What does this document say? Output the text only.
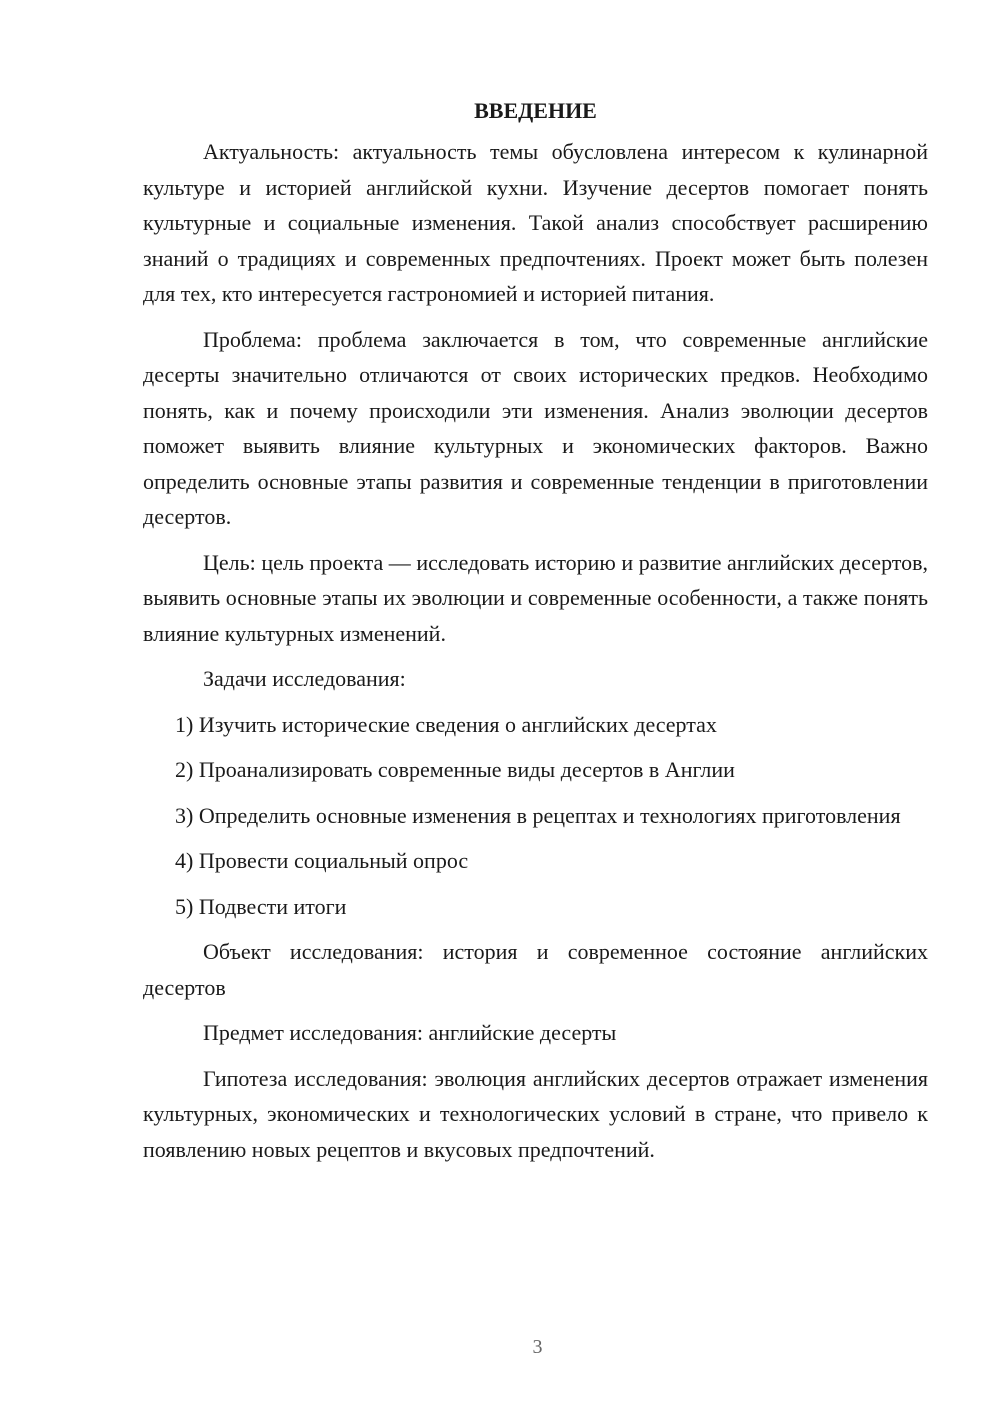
ВВЕДЕНИЕ

Актуальность: актуальность темы обусловлена интересом к кулинарной культуре и историей английской кухни. Изучение десертов помогает понять культурные и социальные изменения. Такой анализ способствует расширению знаний о традициях и современных предпочтениях. Проект может быть полезен для тех, кто интересуется гастрономией и историей питания.

Проблема: проблема заключается в том, что современные английские десерты значительно отличаются от своих исторических предков. Необходимо понять, как и почему происходили эти изменения. Анализ эволюции десертов поможет выявить влияние культурных и экономических факторов. Важно определить основные этапы развития и современные тенденции в приготовлении десертов.

Цель: цель проекта — исследовать историю и развитие английских десертов, выявить основные этапы их эволюции и современные особенности, а также понять влияние культурных изменений.

Задачи исследования:

1) Изучить исторические сведения о английских десертах

2) Проанализировать современные виды десертов в Англии

3) Определить основные изменения в рецептах и технологиях приготовления

4) Провести социальный опрос

5) Подвести итоги

Объект исследования: история и современное состояние английских десертов

Предмет исследования: английские десерты

Гипотеза исследования: эволюция английских десертов отражает изменения культурных, экономических и технологических условий в стране, что привело к появлению новых рецептов и вкусовых предпочтений.

3
